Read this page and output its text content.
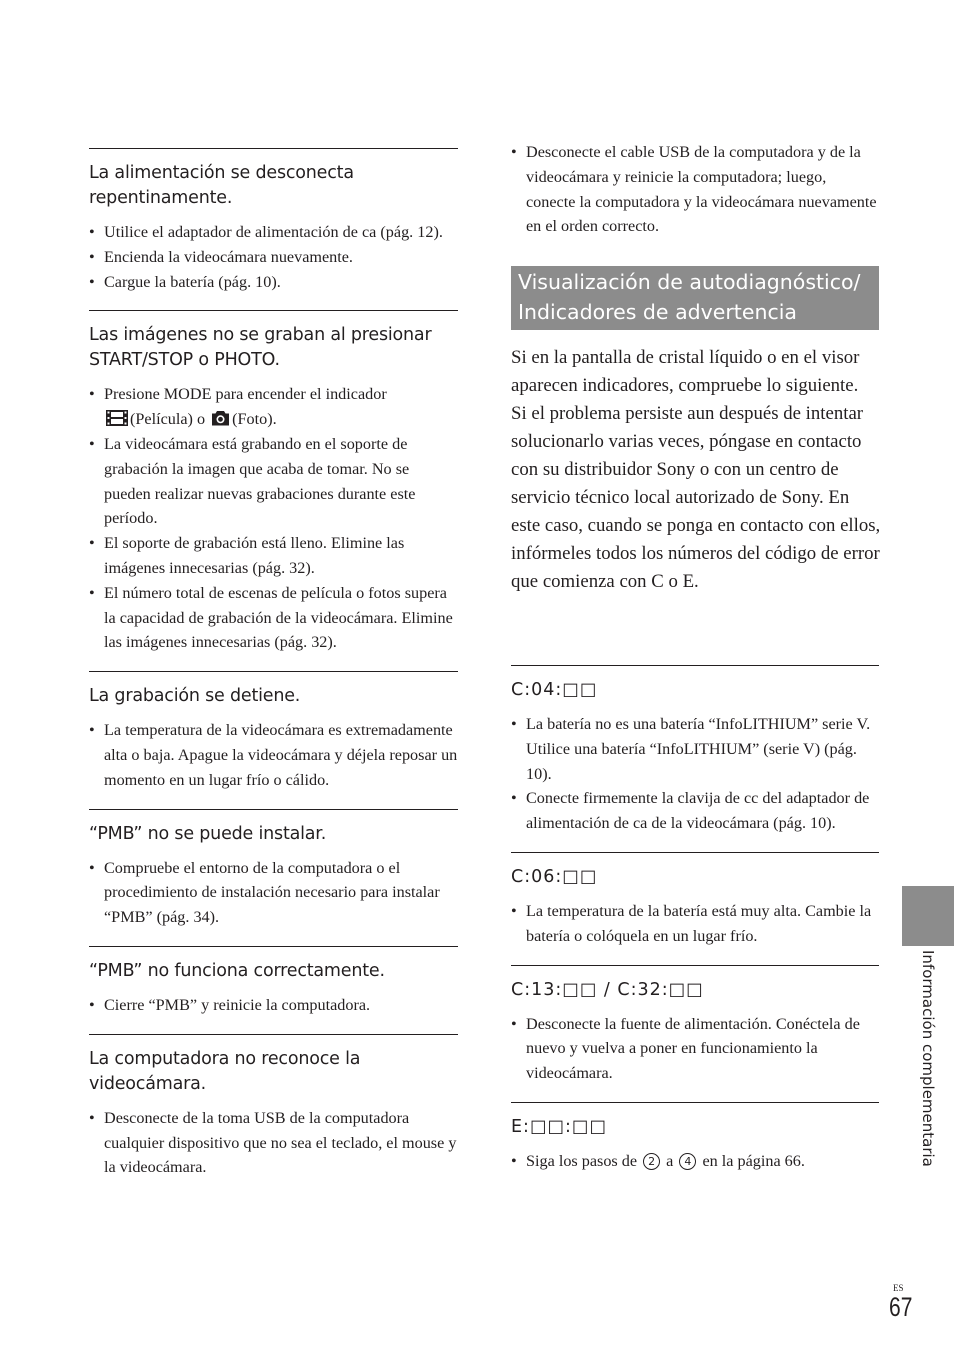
La alimentación se desconecta repentinamente.
• Utilice el adaptador de alimentación de ca (pág. 12).
• Encienda la videocámara nuevamente.
• Cargue la batería (pág. 10).
Las imágenes no se graban al presionar START/STOP o PHOTO.
• Presione MODE para encender el indicador
(Película) o (Foto).
• La videocámara está grabando en el soporte de grabación la imagen que acaba de tomar. No se pueden realizar nuevas grabaciones durante este período.
• El soporte de grabación está lleno. Elimine las imágenes innecesarias (pág. 32).
• El número total de escenas de película o fotos supera la capacidad de grabación de la videocámara. Elimine las imágenes innecesarias (pág. 32).
La grabación se detiene.
• La temperatura de la videocámara es extremadamente alta o baja. Apague la videocámara y déjela reposar un momento en un lugar frío o cálido.
“PMB” no se puede instalar.
• Compruebe el entorno de la computadora o el procedimiento de instalación necesario para instalar “PMB” (pág. 34).
“PMB” no funciona correctamente.
• Cierre “PMB” y reinicie la computadora.
La computadora no reconoce la videocámara.
• Desconecte de la toma USB de la computadora cualquier dispositivo que no sea el teclado, el mouse y la videocámara.
• Desconecte el cable USB de la computadora y de la videocámara y reinicie la computadora; luego, conecte la computadora y la videocámara nuevamente en el orden correcto.
Visualización de autodiagnóstico/
Indicadores de advertencia

Si en la pantalla de cristal líquido o en el visor aparecen indicadores, compruebe lo siguiente.

Si el problema persiste aun después de intentar solucionarlo varias veces, póngase en contacto con su distribuidor Sony o con un centro de servicio técnico local autorizado de Sony. En este caso, cuando se ponga en contacto con ellos, infórmeles todos los números del código de error que comienza con C o E.

C:04:□□
• La batería no es una batería “InfoLITHIUM” serie V. Utilice una batería “InfoLITHIUM” (serie V) (pág. 10).
• Conecte firmemente la clavija de cc del adaptador de alimentación de ca de la videocámara (pág. 10).
C:06:□□
• La temperatura de la batería está muy alta. Cambie la batería o colóquela en un lugar frío.
C:13:□□ / C:32:□□
• Desconecte la fuente de alimentación. Conéctela de nuevo y vuelva a poner en funcionamiento la videocámara.
E:□□:□□
• Siga los pasos de 2 a 4 en la página 66.	Información complementaria
ES
67
